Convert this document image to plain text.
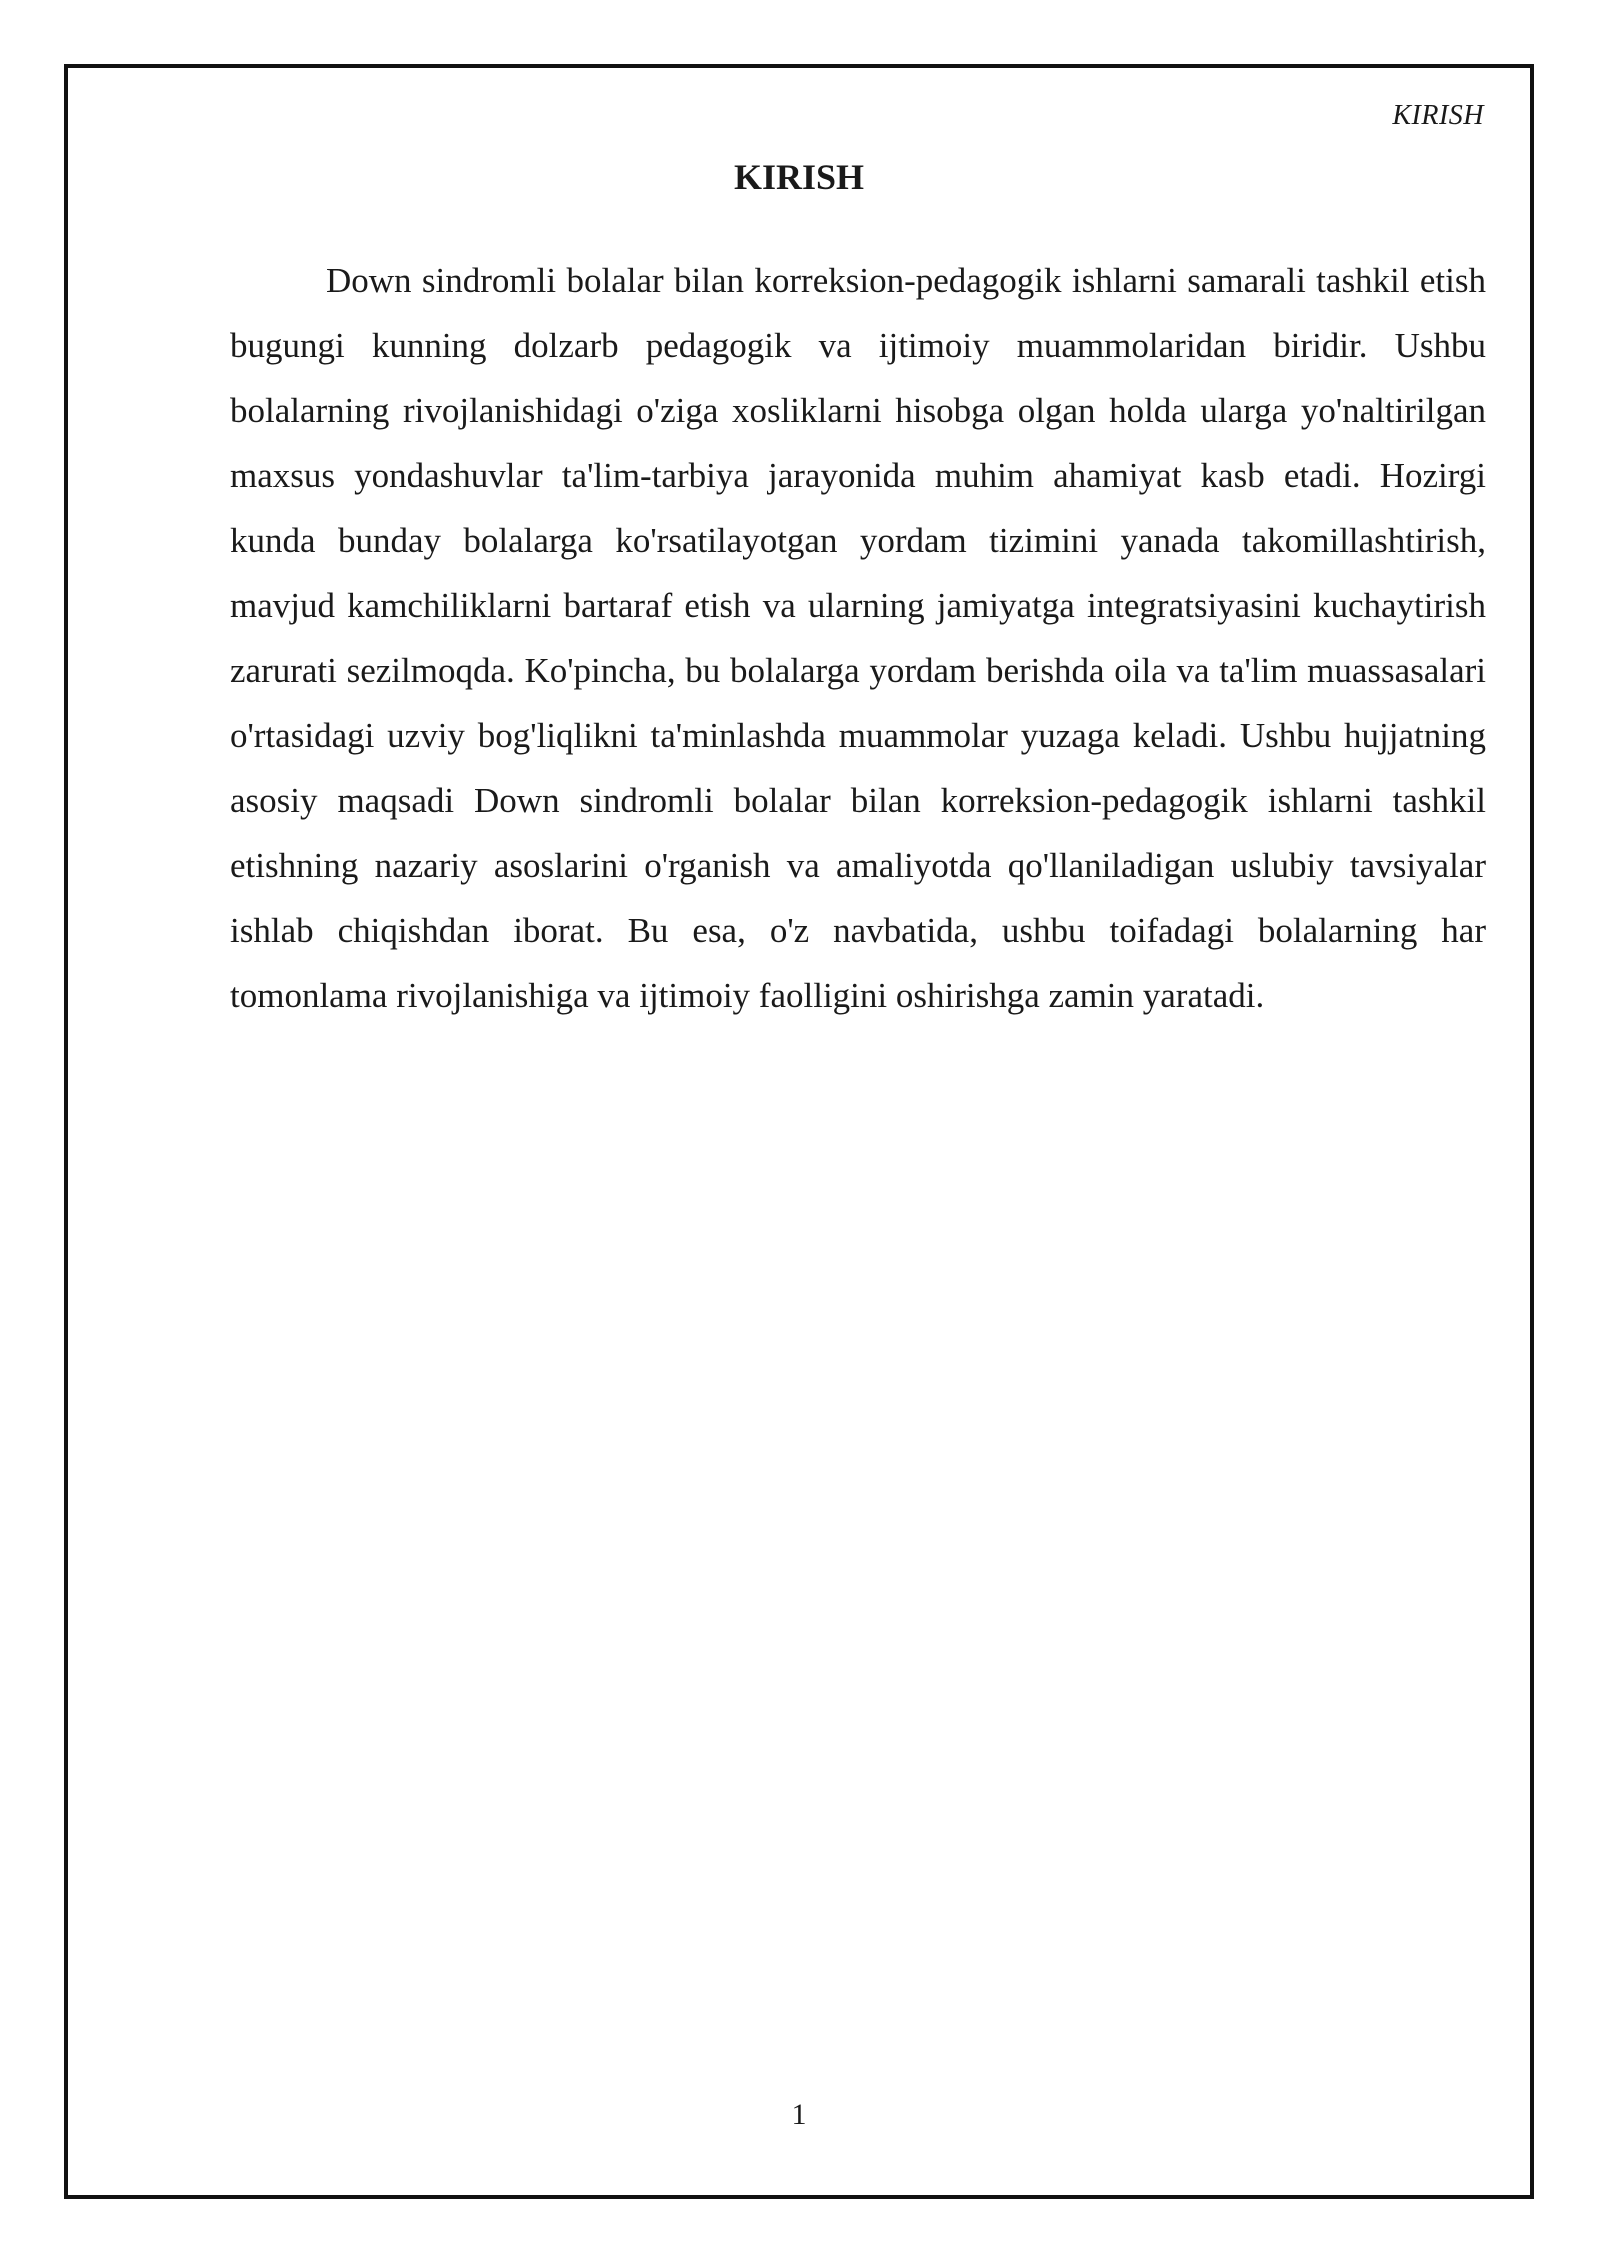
KIRISH
KIRISH

Down sindromli bolalar bilan korreksion-pedagogik ishlarni samarali tashkil etish bugungi kunning dolzarb pedagogik va ijtimoiy muammolaridan biridir. Ushbu bolalarning rivojlanishidagi o'ziga xosliklarni hisobga olgan holda ularga yo'naltirilgan maxsus yondashuvlar ta'lim-tarbiya jarayonida muhim ahamiyat kasb etadi. Hozirgi kunda bunday bolalarga ko'rsatilayotgan yordam tizimini yanada takomillashtirish, mavjud kamchiliklarni bartaraf etish va ularning jamiyatga integratsiyasini kuchaytirish zarurati sezilmoqda. Ko'pincha, bu bolalarga yordam berishda oila va ta'lim muassasalari o'rtasidagi uzviy bog'liqlikni ta'minlashda muammolar yuzaga keladi. Ushbu hujjatning asosiy maqsadi Down sindromli bolalar bilan korreksion-pedagogik ishlarni tashkil etishning nazariy asoslarini o'rganish va amaliyotda qo'llaniladigan uslubiy tavsiyalar ishlab chiqishdan iborat. Bu esa, o'z navbatida, ushbu toifadagi bolalarning har tomonlama rivojlanishiga va ijtimoiy faolligini oshirishga zamin yaratadi.

1
